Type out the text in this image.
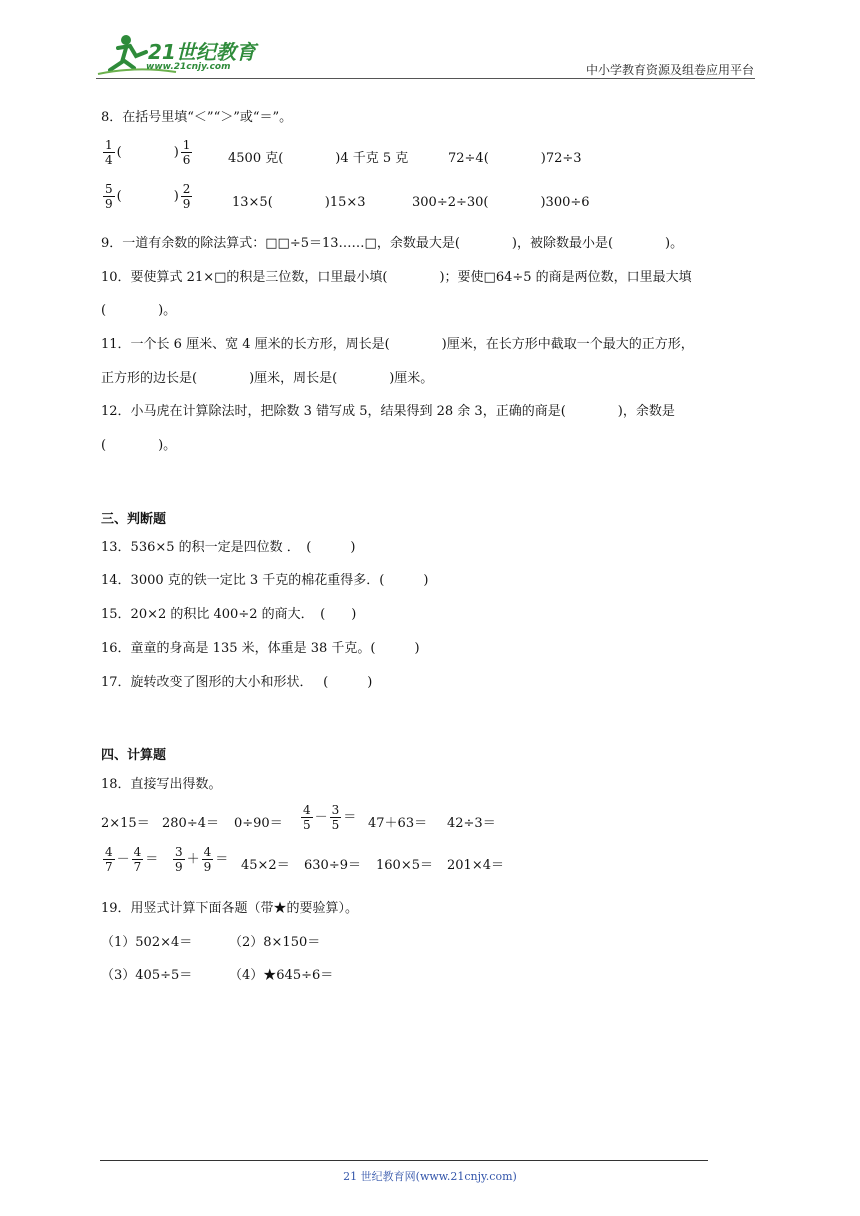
21世纪教育
www.21cnjy.com	中小学教育资源及组卷应用平台
8．在括号里填“＜”“＞”或“＝”。
$\frac{1}{4}$ (　　　　) $\frac{1}{6}$	4500 克(　　　　)4 千克 5 克	72÷4(　　　　)72÷3
$\frac{5}{9}$ (　　　　) $\frac{2}{9}$	13×5(　　　　)15×3	300÷2÷30(　　　　)300÷6
9．一道有余数的除法算式：□□÷5＝13……□，余数最大是(　　　　)，被除数最小是(　　　　)。
10．要使算式 21×□的积是三位数，口里最小填(　　　　)；要使□64÷5 的商是两位数，口里最大填
(　　　　)。
11．一个长 6 厘米、宽 4 厘米的长方形，周长是(　　　　)厘米，在长方形中截取一个最大的正方形，
正方形的边长是(　　　　)厘米，周长是(　　　　)厘米。
12．小马虎在计算除法时，把除数 3 错写成 5，结果得到 28 余 3，正确的商是(　　　　)，余数是
(　　　　)。
三、判断题
13．536×5 的积一定是四位数 ．　(　　　)
14．3000 克的铁一定比 3 千克的棉花重得多．(　　　)
15．20×2 的积比 400÷2 的商大．　(　　)
16．童童的身高是 135 米，体重是 38 千克。(　　　)
17．旋转改变了图形的大小和形状．　 (　　　)
四、计算题
18．直接写出得数。
$2\times 15= 280\div 4= 0\div 90= \frac{4}{5} - \frac{3}{5} = 47+63= 42\div 3=$
$\frac{4}{7} - \frac{4}{7} = \frac{3}{9} + \frac{4}{9} = 45\times 2= 630\div 9= 160\times 5= 201\times 4=$
19．用竖式计算下面各题（带★的要验算）。
（1）502×4＝	（2）8×150＝
（3）405÷5＝	（4）★645÷6＝
21 世纪教育网(www.21cnjy.com)
